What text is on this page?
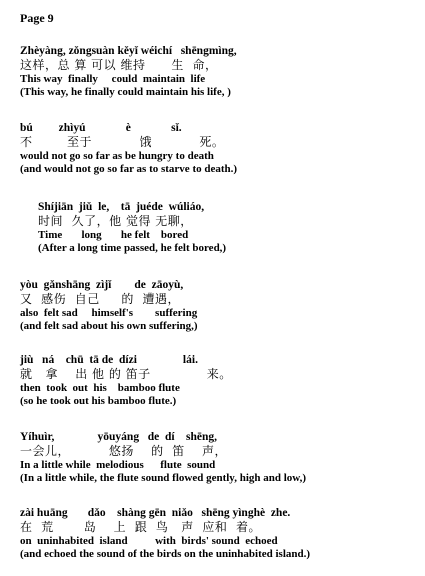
Page 9
Zhèyàng, zǒngsuàn kěyǐ wéichí   shēngmìng,
这样，总 算 可以 维持      生  命，
This way  finally     could  maintain  life
(This way, he finally could maintain his life, )
bú         zhìyú              è              sǐ.
不        至于           饿           死。
would not go so far as be hungry to death
(and would not go so far as to starve to death.)
Shíjiān  jiǔ  le,    tā  juéde  wúliáo,
时间  久了，他 觉得 无聊，
Time       long       he felt    bored
(After a long time passed, he felt bored,)
yòu  gǎnshāng  zìjǐ        de  zāoyù,
又  感伤  自己     的  遭遇，
also  felt sad     himself's        suffering
(and felt sad about his own suffering,)
jiù   ná    chū  tā de  dízi                lái.
就   拿    出 他 的 笛子             来。
then  took  out  his    bamboo flute
(so he took out his bamboo flute.)
Yíhuìr,               yōuyáng   de  dí    shēng,
一会儿，         悠扬    的  笛    声，
In a little while  melodious      flute  sound
(In a little while, the flute sound flowed gently, high and low,)
zài huāng       dǎo    shàng gēn  niǎo   shēng yìnghè  zhe.
在  荒       岛    上  跟  鸟   声  应和  着。
on  uninhabited  island          with  birds' sound  echoed
(and echoed the sound of the birds on the uninhabited island.)
